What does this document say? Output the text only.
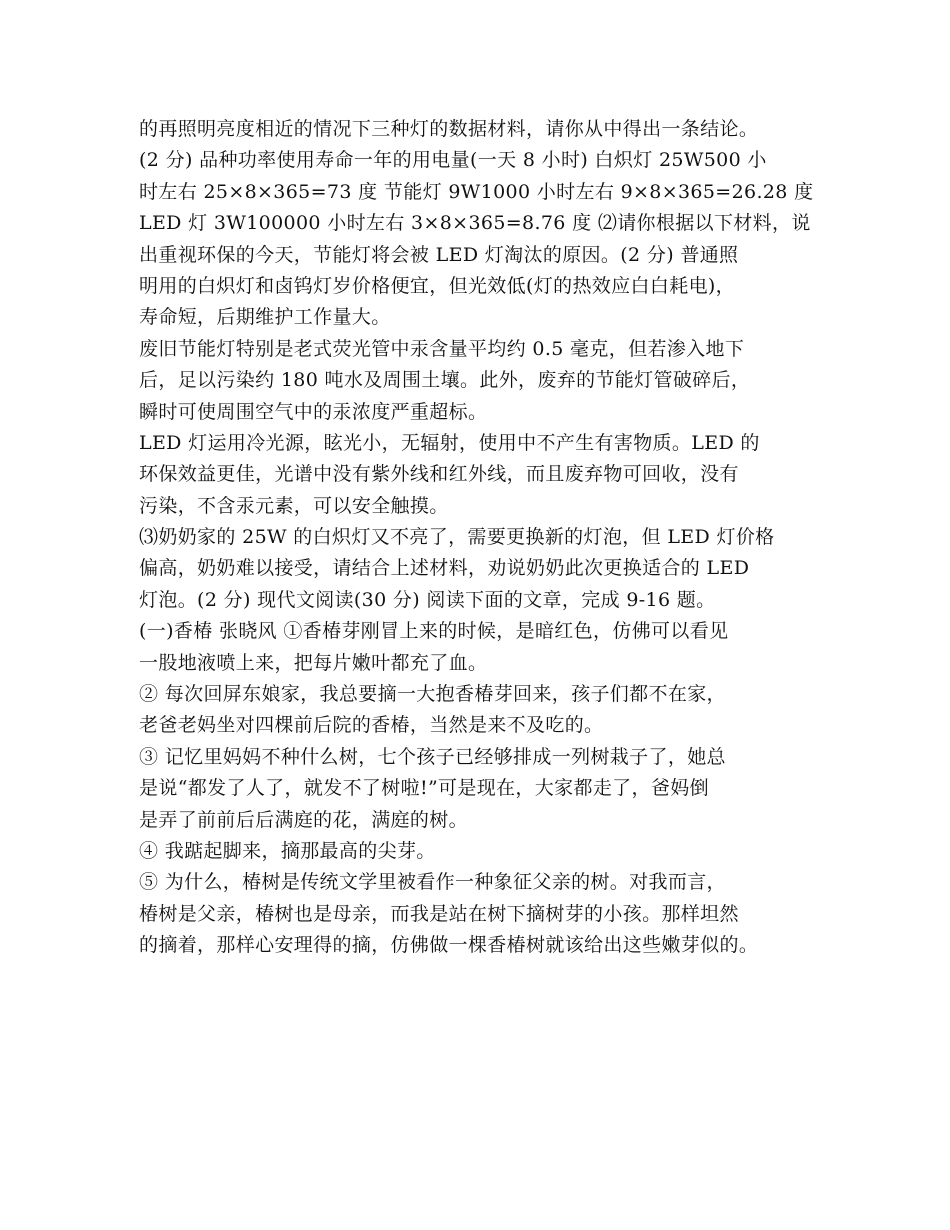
的再照明亮度相近的情况下三种灯的数据材料，请你从中得出一条结论。
(2 分) 品种功率使用寿命一年的用电量(一天 8 小时) 白炽灯 25W500 小
时左右 25×8×365=73 度 节能灯 9W1000 小时左右 9×8×365=26.28 度
LED 灯 3W100000 小时左右 3×8×365=8.76 度 ⑵请你根据以下材料，说
出重视环保的今天，节能灯将会被 LED 灯淘汰的原因。(2 分) 普通照
明用的白炽灯和卤钨灯岁价格便宜，但光效低(灯的热效应白白耗电)，
寿命短，后期维护工作量大。
废旧节能灯特别是老式荧光管中汞含量平均约 0.5 毫克，但若渗入地下
后，足以污染约 180 吨水及周围土壤。此外，废弃的节能灯管破碎后，
瞬时可使周围空气中的汞浓度严重超标。
LED 灯运用冷光源，眩光小，无辐射，使用中不产生有害物质。LED 的
环保效益更佳，光谱中没有紫外线和红外线，而且废弃物可回收，没有
污染，不含汞元素，可以安全触摸。
⑶奶奶家的 25W 的白炽灯又不亮了，需要更换新的灯泡，但 LED 灯价格
偏高，奶奶难以接受，请结合上述材料，劝说奶奶此次更换适合的 LED
灯泡。(2 分) 现代文阅读(30 分) 阅读下面的文章，完成 9-16 题。
(一)香椿 张晓风 ①香椿芽刚冒上来的时候，是暗红色，仿佛可以看见
一股地液喷上来，把每片嫩叶都充了血。
② 每次回屏东娘家，我总要摘一大抱香椿芽回来，孩子们都不在家，
老爸老妈坐对四棵前后院的香椿，当然是来不及吃的。
③ 记忆里妈妈不种什么树，七个孩子已经够排成一列树栽子了，她总
是说“都发了人了，就发不了树啦!”可是现在，大家都走了，爸妈倒
是弄了前前后后满庭的花，满庭的树。
④ 我踮起脚来，摘那最高的尖芽。
⑤ 为什么，椿树是传统文学里被看作一种象征父亲的树。对我而言，
椿树是父亲，椿树也是母亲，而我是站在树下摘树芽的小孩。那样坦然
的摘着，那样心安理得的摘，仿佛做一棵香椿树就该给出这些嫩芽似的。
